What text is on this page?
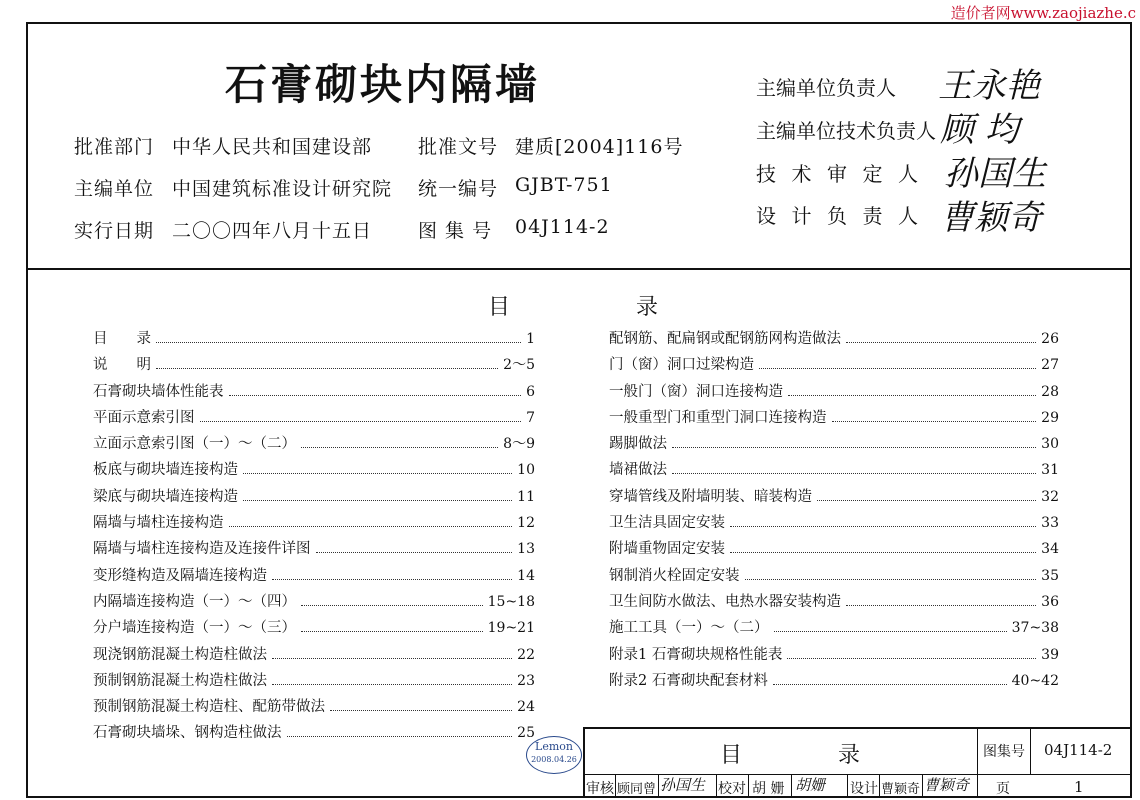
造价者网www.zaojiazhe.c
石膏砌块内隔墙
批准部门 中华人民共和国建设部 批准文号 建质[2004]116号
主编单位 中国建筑标准设计研究院 统一编号 GJBT-751
实行日期 二〇〇四年八月十五日 图 集 号 04J114-2
主编单位负责人 王永艳
主编单位技术负责人 顾 均
技 术 审 定 人 孙国生
设 计 负 责 人 曹颖奇
目	录
目　　录	1
说　　明	2～5
石膏砌块墙体性能表	6
平面示意索引图	7
立面示意索引图（一）～（二）	8～9
板底与砌块墙连接构造	10
梁底与砌块墙连接构造	11
隔墙与墙柱连接构造	12
隔墙与墙柱连接构造及连接件详图	13
变形缝构造及隔墙连接构造	14
内隔墙连接构造（一）～（四）	15~18
分户墙连接构造（一）～（三）	19~21
现浇钢筋混凝土构造柱做法	22
预制钢筋混凝土构造柱做法	23
预制钢筋混凝土构造柱、配筋带做法	24
石膏砌块墙垛、钢构造柱做法	25
配钢筋、配扁钢或配钢筋网构造做法	26
门（窗）洞口过梁构造	27
一般门（窗）洞口连接构造	28
一般重型门和重型门洞口连接构造	29
踢脚做法	30
墙裙做法	31
穿墙管线及附墙明装、暗装构造	32
卫生洁具固定安装	33
附墙重物固定安装	34
钢制消火栓固定安装	35
卫生间防水做法、电热水器安装构造	36
施工工具（一）～（二）	37~38
附录1 石膏砌块规格性能表	39
附录2 石膏砌块配套材料	40~42
Lemon
2008.04.26	目	录	图集号 04J114-2
审核 顾同曾 孙国生 校对 胡 姗 胡姗 设计 曹颖奇 曹颖奇 页	1
